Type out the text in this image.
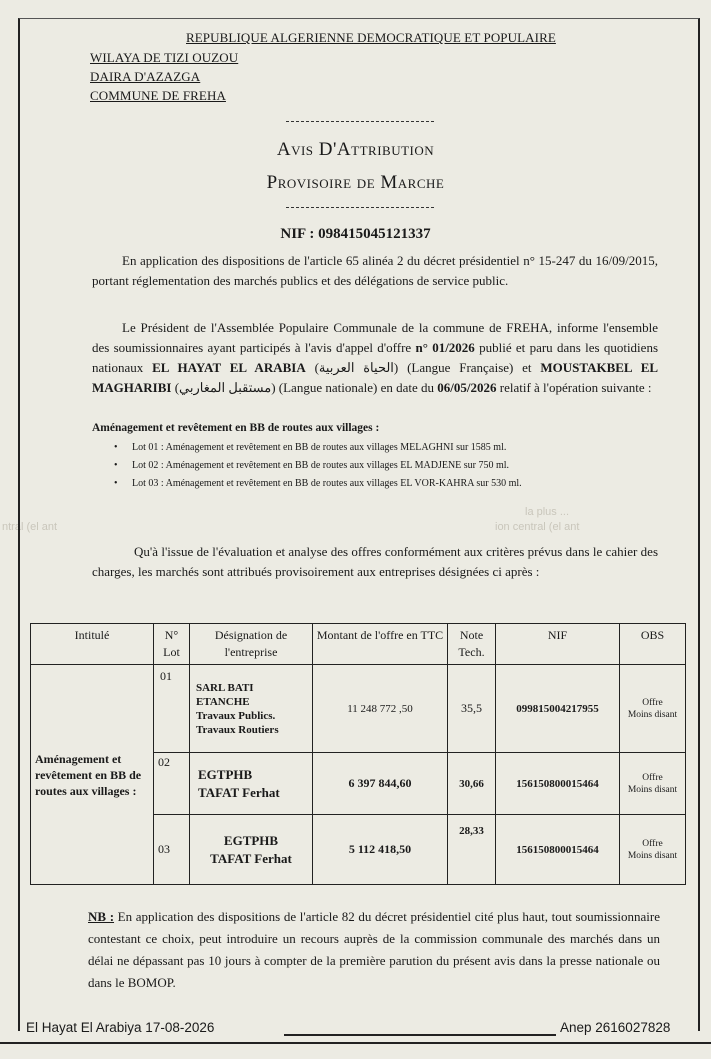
la plus ...
ion central (el ant
ntral (el ant
REPUBLIQUE ALGERIENNE DEMOCRATIQUE ET POPULAIRE
WILAYA DE TIZI OUZOU
DAIRA D'AZAZGA
COMMUNE DE FREHA
Avis D'Attribution
Provisoire de Marche
NIF : 098415045121337

En application des dispositions de l'article 65 alinéa 2 du décret présidentiel n° 15-247 du 16/09/2015, portant réglementation des marchés publics et des délégations de service public.

Le Président de l'Assemblée Populaire Communale de la commune de FREHA, informe l'ensemble des soumissionnaires ayant participés à l'avis d'appel d'offre n° 01/2026 publié et paru dans les quotidiens nationaux EL HAYAT EL ARABIA (الحياة العربية) (Langue Française) et MOUSTAKBEL EL MAGHARIBI (مستقبل المغاربي) (Langue nationale) en date du 06/05/2026 relatif à l'opération suivante :

Aménagement et revêtement en BB de routes aux villages :
• Lot 01 : Aménagement et revêtement en BB de routes aux villages MELAGHNI sur 1585 ml.
• Lot 02 : Aménagement et revêtement en BB de routes aux villages EL MADJENE sur 750 ml.
• Lot 03 : Aménagement et revêtement en BB de routes aux villages EL VOR-KAHRA sur 530 ml.

Qu'à l'issue de l'évaluation et analyse des offres conformément aux critères prévus dans le cahier des charges, les marchés sont attribués provisoirement aux entreprises désignées ci après :

Intitulé	N° Lot	Désignation de l'entreprise	Montant de l'offre en TTC	Note Tech.	NIF	OBS
Aménagement et revêtement en BB de routes aux villages :	01	SARL BATI
ETANCHE
Travaux Publics.
Travaux Routiers	11 248 772 ,50	35,5	099815004217955	Offre
Moins disant
	02	EGTPHB
TAFAT Ferhat	6 397 844,60	30,66	156150800015464	Offre
Moins disant
	03	EGTPHB
TAFAT Ferhat	5 112 418,50	28,33	156150800015464	Offre
Moins disant
NB : En application des dispositions de l'article 82 du décret présidentiel cité plus haut, tout soumissionnaire contestant ce choix, peut introduire un recours auprès de la commission communale des marchés dans un délai ne dépassant pas 10 jours à compter de la première parution du présent avis dans la presse nationale ou dans le BOMOP.
El Hayat El Arabiya 17-08-2026	Anep 2616027828
